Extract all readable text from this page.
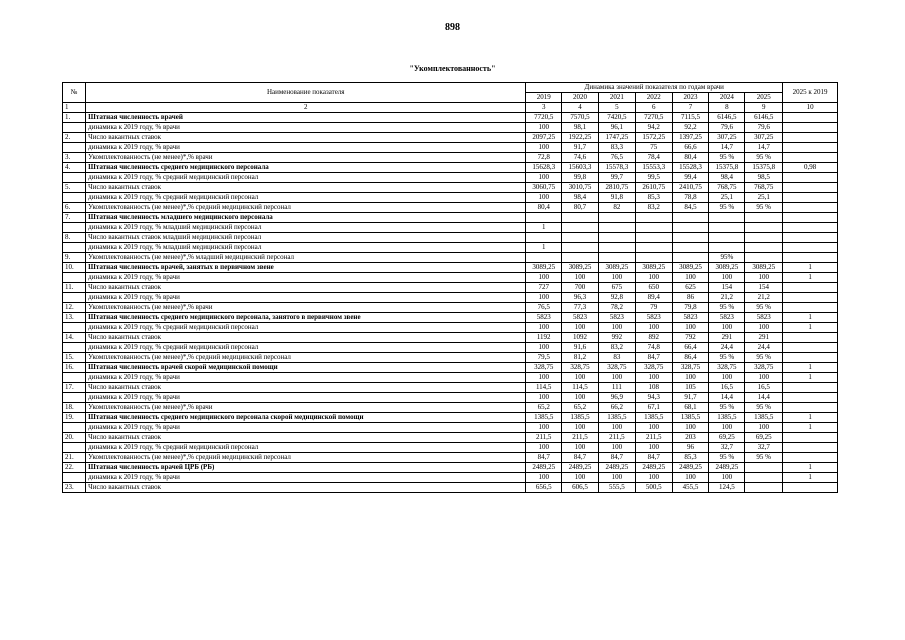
898
"Укомплектованность"
№	Наименование показателя	Динамика значений показателя по годам врачи							2025 к 2019
		2019	2020	2021	2022	2023	2024	2025	
1	2	3	4	5	6	7	8	9	10
1.	Штатная численность врачей	7720,5	7570,5	7420,5	7270,5	7115,5	6146,5	6146,5	
	динамика к 2019 году, % врачи	100	98,1	96,1	94,2	92,2	79,6	79,6	
2.	Число вакантных ставок	2097,25	1922,25	1747,25	1572,25	1397,25	307,25	307,25	
	динамика к 2019 году, % врачи	100	91,7	83,3	75	66,6	14,7	14,7	
3.	Укомплектованность (не менее)*,% врачи	72,8	74,6	76,5	78,4	80,4	95 %	95 %	
4.	Штатная численность среднего медицинского персонала	15628,3	15603,3	15578,3	15553,3	15528,3	15375,8	15375,8	0,98
	динамика к 2019 году, % средний медицинский персонал	100	99,8	99,7	99,5	99,4	98,4	98,5	
5.	Число вакантных ставок	3060,75	3010,75	2810,75	2610,75	2410,75	768,75	768,75	
	динамика к 2019 году, % средний медицинский персонал	100	98,4	91,8	85,3	78,8	25,1	25,1	
6.	Укомплектованность (не менее)*,% средний медицинский персонал	80,4	80,7	82	83,2	84,5	95 %	95 %	
7.	Штатная численность младшего медицинского персонала								
	динамика к 2019 году, % младший медицинский персонал	1							
8.	Число вакантных ставок младший медицинский персонал								
	динамика к 2019 году, % младший медицинский персонал	1							
9.	Укомплектованность (не менее)*,% младший медицинский персонал						95%		
10.	Штатная численность врачей, занятых в первичном звене	3089,25	3089,25	3089,25	3089,25	3089,25	3089,25	3089,25	1
	динамика к 2019 году, % врачи	100	100	100	100	100	100	100	1
11.	Число вакантных ставок	727	700	675	650	625	154	154	
	динамика к 2019 году, % врачи	100	96,3	92,8	89,4	86	21,2	21,2	
12.	Укомплектованность (не менее)*,% врачи	76,5	77,3	78,2	79	79,8	95 %	95 %	
13.	Штатная численность среднего медицинского персонала, занятого в первичном звене	5823	5823	5823	5823	5823	5823	5823	1
	динамика к 2019 году, % средний медицинский персонал	100	100	100	100	100	100	100	1
14.	Число вакантных ставок	1192	1092	992	892	792	291	291	
	динамика к 2019 году, % средний медицинский персонал	100	91,6	83,2	74,8	66,4	24,4	24,4	
15.	Укомплектованность (не менее)*,% средний медицинский персонал	79,5	81,2	83	84,7	86,4	95 %	95 %	
16.	Штатная численность врачей скорой медицинской помощи	328,75	328,75	328,75	328,75	328,75	328,75	328,75	1
	динамика к 2019 году, % врачи	100	100	100	100	100	100	100	1
17.	Число вакантных ставок	114,5	114,5	111	108	105	16,5	16,5	
	динамика к 2019 году, % врачи	100	100	96,9	94,3	91,7	14,4	14,4	
18.	Укомплектованность (не менее)*,% врачи	65,2	65,2	66,2	67,1	68,1	95 %	95 %	
19.	Штатная численность среднего медицинского персонала скорой медицинской помощи	1385,5	1385,5	1385,5	1385,5	1385,5	1385,5	1385,5	1
	динамика к 2019 году, % врачи	100	100	100	100	100	100	100	1
20.	Число вакантных ставок	211,5	211,5	211,5	211,5	203	69,25	69,25	
	динамика к 2019 году, % средний медицинский персонал	100	100	100	100	96	32,7	32,7	
21.	Укомплектованность (не менее)*,% средний медицинский персонал	84,7	84,7	84,7	84,7	85,3	95 %	95 %	
22.	Штатная численность врачей ЦРБ (РБ)	2489,25	2489,25	2489,25	2489,25	2489,25	2489,25		1
	динамика к 2019 году, % врачи	100	100	100	100	100	100		1
23.	Число вакантных ставок	656,5	606,5	555,5	500,5	455,5	124,5		
